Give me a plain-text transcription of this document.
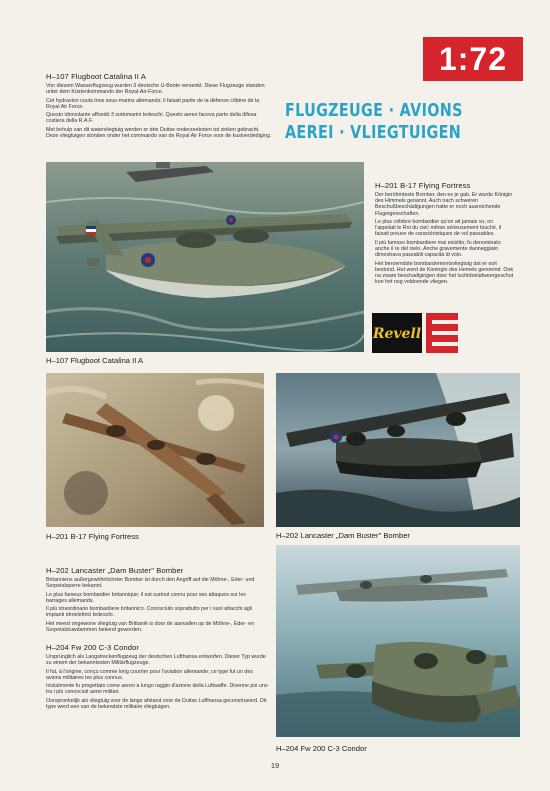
1:72
FLUGZEUGE · AVIONS
AEREI · VLIEGTUIGEN
H–107 Flugboot Catalina II A

Von diesem Wasserflugzeug wurden 3 deutsche U-Boote versenkt. Diese Flugzeuge standen unter dem Küstenkommando der Royal-Air-Force.

Cet hydravion coula trois sous-marins allemands; il faisait partie de la défense côtière de la Royal Air Force.

Questo idrovolante affondò 3 sottomarini tedeschi. Questo aereo faceva parte della difesa costiera della R.A.F.

Met behulp van dit watervliegtuig werden er drie Duitse onderzeeboten tot zinken gebracht. Deze vliegtuigen stonden onder het commando van de Royal Air Force voor de kustverdediging.

H–201 B-17 Flying Fortress

Der berühmteste Bomber, den es je gab. Er wurde Königin des Himmels genannt. Auch nach schweren Beschußbeschädigungen hatte er noch ausreichende Flugeigenschaften.

Le plus célèbre bombardier qu'on ait jamais vu; on l'appelait le Roi du ciel; même sérieusement touché, il faisait preuve de caractéristiques de vol passables.

Il più famoso bombardiere mai esistito; fu denominato anche il re del cielo. Anche gravemente danneggiato dimostrava passabili capacità di volo.

Het beroemdste bombardementsvliegtuig dat er ooit bestond. Het werd de Koningin des Hemels genoemd. Ook na zware beschadigingen door het luchtdoelafweergeschut kon het nog voldoende vliegen.

Revell
H–107 Flugboot Catalina II A
H–201 B-17 Flying Fortress	H–202 Lancaster „Dam Buster" Bomber
H–202 Lancaster „Dam Buster" Bomber

Britanniens außergewöhnlichster Bomber ist durch den Angriff auf die Möhne-, Eder- und Sorpetalsperre bekannt.

Le plus fameux bombardier britannique; il est surtout connu pour ses attaques sur les barrages allemands.

Il più straordinario bombardiere britannico. Conosciuto soprattutto per i suoi attacchi agli impianti idroelettrici tedeschi.

Het meest ongewone vliegtuig van Brittanië is door de aanvallen op de Möhne-, Eder- en Sorpetalstuwdammen bekend geworden.

H–204 Fw 200 C-3 Condor

Ursprünglich als Langstreckenflugzeug der deutschen Lufthansa entworfen. Dieser Typ wurde zu einem der bekanntesten Militärflugzeuge.

Il fut, à l'origine, conçu comme long courrier pour l'aviation allemande; ce type fut un des avions militaires les plus connus.

Inizialmente fu progettato come aereo a lungo raggio d'azione della Luftwaffe. Divenne poi uno tra i più conosciuti aerei militari.

Oorspronkelijk als vliegtuig voor de lange afstand voor de Duitse Lufthansa geconstrueerd. Dit type werd een van de bekendste militaire vliegtuigen.

H–204 Fw 200 C-3 Condor
19
